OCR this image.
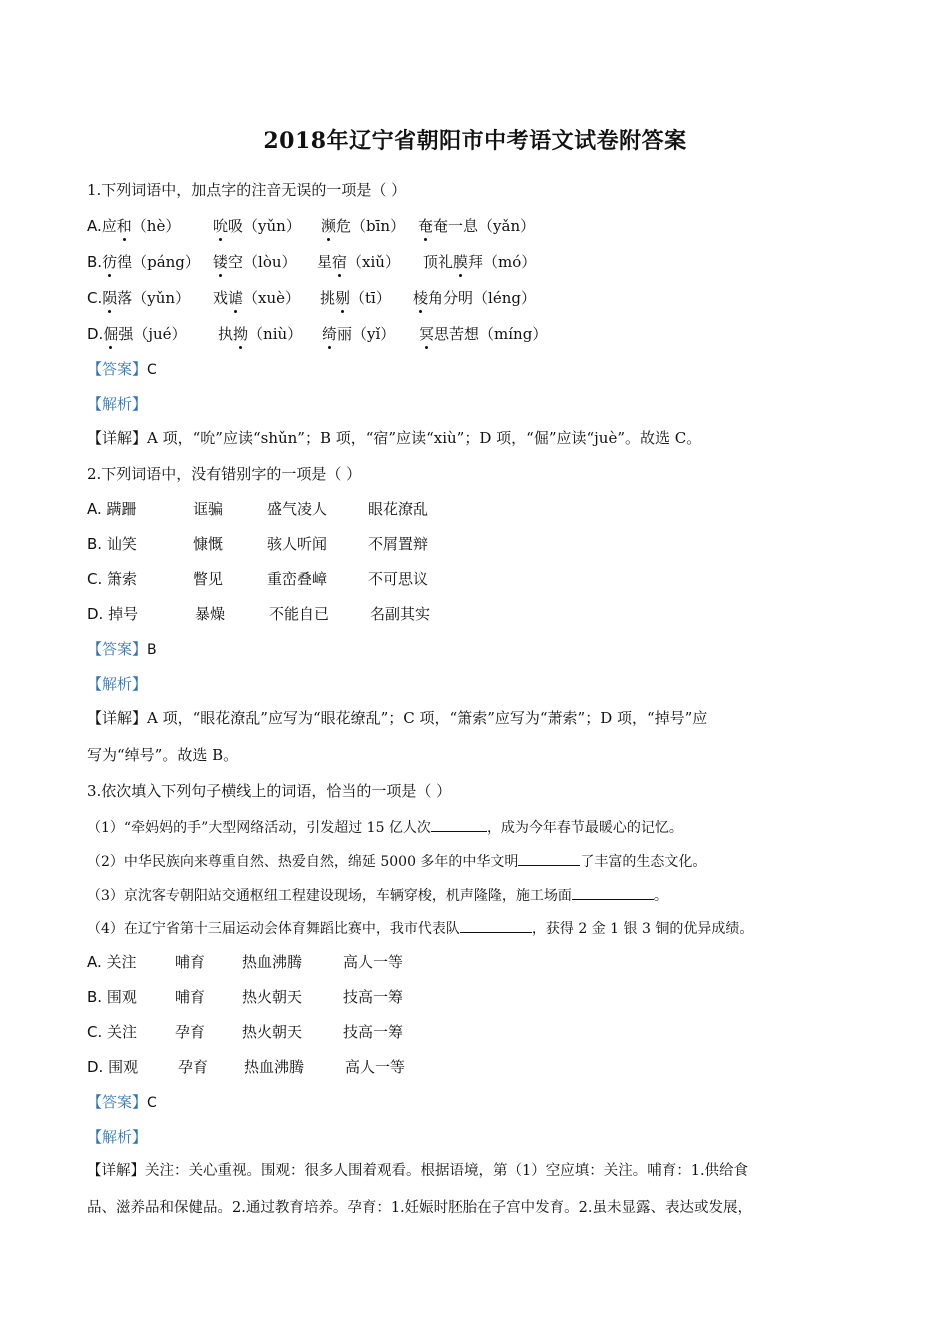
2018年辽宁省朝阳市中考语文试卷附答案
1.下列词语中，加点字的注音无误的一项是（ ）
A.应和（hè） 吮吸（yǔn） 濒危（bīn） 奄奄一息（yǎn）
B.彷徨（páng） 镂空（lòu） 星宿（xiǔ） 顶礼膜拜（mó）
C.陨落（yǔn） 戏谑（xuè） 挑剔（tī） 棱角分明（léng）
D.倔强（jué） 执拗（niù） 绮丽（yǐ） 冥思苦想（míng）
【答案】C
【解析】
【详解】A 项，“吮”应读“shǔn”；B 项，“宿”应读“xiù”；D 项，“倔”应读“juè”。故选 C。
2.下列词语中，没有错别字的一项是（ ）
A. 蹒跚	诓骗	盛气凌人	眼花潦乱
B. 讪笑	慷慨	骇人听闻	不屑置辩
C. 箫索	瞥见	重峦叠嶂	不可思议
D. 掉号	暴燥	不能自已	名副其实
【答案】B
【解析】
【详解】A 项，“眼花潦乱”应写为“眼花缭乱”；C 项，“箫索”应写为“萧索”；D 项，“掉号”应
写为“绰号”。故选 B。
3.依次填入下列句子横线上的词语，恰当的一项是（ ）
（1）“牵妈妈的手”大型网络活动，引发超过 15 亿人次	，成为今年春节最暖心的记忆。
（2）中华民族向来尊重自然、热爱自然，绵延 5000 多年的中华文明	了丰富的生态文化。
（3）京沈客专朝阳站交通枢纽工程建设现场，车辆穿梭，机声隆隆，施工场面	。
（4）在辽宁省第十三届运动会体育舞蹈比赛中，我市代表队	，获得 2 金 1 银 3 铜的优异成绩。
A. 关注	哺育 热血沸腾	高人一等
B. 围观	哺育 热火朝天	技高一筹
C. 关注	孕育 热火朝天	技高一筹
D. 围观	孕育 热血沸腾	高人一等
【答案】C
【解析】
【详解】关注：关心重视。围观：很多人围着观看。根据语境，第（1）空应填：关注。哺育：1.供给食
品、滋养品和保健品。2.通过教育培养。孕育：1.妊娠时胚胎在子宫中发育。2.虽未显露、表达或发展，
